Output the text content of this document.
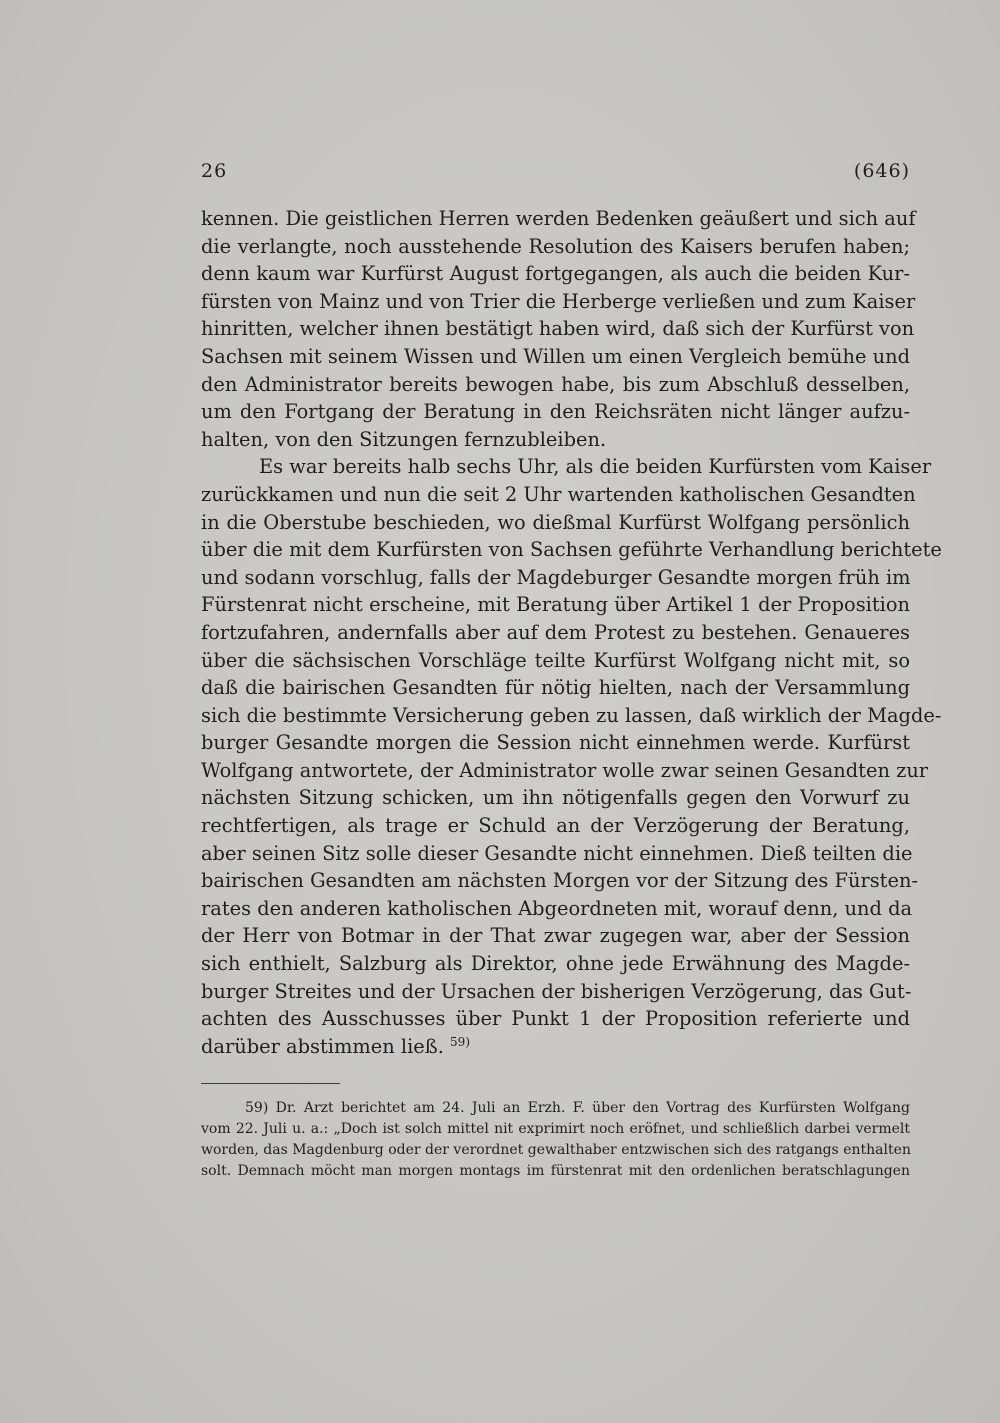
26	(646)
kennen. Die geistlichen Herren werden Bedenken geäußert und sich auf
die verlangte, noch ausstehende Resolution des Kaisers berufen haben;
denn kaum war Kurfürst August fortgegangen, als auch die beiden Kur-
fürsten von Mainz und von Trier die Herberge verließen und zum Kaiser
hinritten, welcher ihnen bestätigt haben wird, daß sich der Kurfürst von
Sachsen mit seinem Wissen und Willen um einen Vergleich bemühe und
den Administrator bereits bewogen habe, bis zum Abschluß desselben,
um den Fortgang der Beratung in den Reichsräten nicht länger aufzu-
halten, von den Sitzungen fernzubleiben.
Es war bereits halb sechs Uhr, als die beiden Kurfürsten vom Kaiser
zurückkamen und nun die seit 2 Uhr wartenden katholischen Gesandten
in die Oberstube beschieden, wo dießmal Kurfürst Wolfgang persönlich
über die mit dem Kurfürsten von Sachsen geführte Verhandlung berichtete
und sodann vorschlug, falls der Magdeburger Gesandte morgen früh im
Fürstenrat nicht erscheine, mit Beratung über Artikel 1 der Proposition
fortzufahren, andernfalls aber auf dem Protest zu bestehen. Genaueres
über die sächsischen Vorschläge teilte Kurfürst Wolfgang nicht mit, so
daß die bairischen Gesandten für nötig hielten, nach der Versammlung
sich die bestimmte Versicherung geben zu lassen, daß wirklich der Magde-
burger Gesandte morgen die Session nicht einnehmen werde. Kurfürst
Wolfgang antwortete, der Administrator wolle zwar seinen Gesandten zur
nächsten Sitzung schicken, um ihn nötigenfalls gegen den Vorwurf zu
rechtfertigen, als trage er Schuld an der Verzögerung der Beratung,
aber seinen Sitz solle dieser Gesandte nicht einnehmen. Dieß teilten die
bairischen Gesandten am nächsten Morgen vor der Sitzung des Fürsten-
rates den anderen katholischen Abgeordneten mit, worauf denn, und da
der Herr von Botmar in der That zwar zugegen war, aber der Session
sich enthielt, Salzburg als Direktor, ohne jede Erwähnung des Magde-
burger Streites und der Ursachen der bisherigen Verzögerung, das Gut-
achten des Ausschusses über Punkt 1 der Proposition referierte und
darüber abstimmen ließ. $^{59)}$
59) Dr. Arzt berichtet am 24. Juli an Erzh. F. über den Vortrag des Kurfürsten Wolfgang
vom 22. Juli u. a.: „Doch ist solch mittel nit exprimirt noch eröfnet, und schließlich darbei vermelt
worden, das Magdenburg oder der verordnet gewalthaber entzwischen sich des ratgangs enthalten
solt. Demnach möcht man morgen montags im fürstenrat mit den ordenlichen beratschlagungen
